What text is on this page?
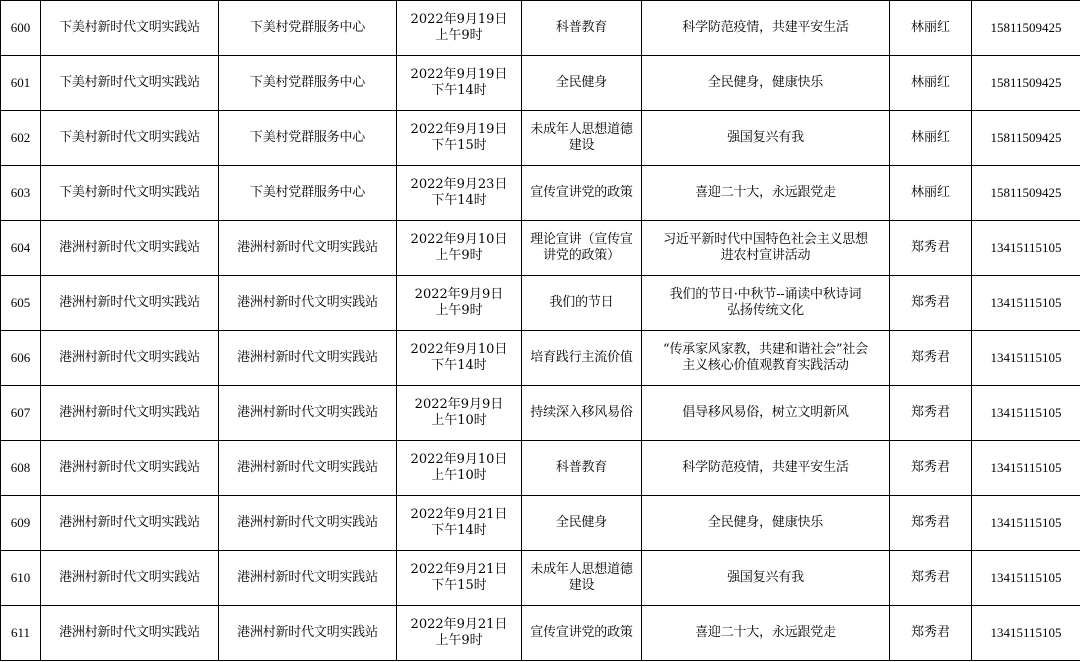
600	下美村新时代文明实践站	下美村党群服务中心	2022年9月19日
上午9时	科普教育	科学防范疫情，共建平安生活	林丽红	15811509425
601	下美村新时代文明实践站	下美村党群服务中心	2022年9月19日
下午14时	全民健身	全民健身，健康快乐	林丽红	15811509425
602	下美村新时代文明实践站	下美村党群服务中心	2022年9月19日
下午15时	未成年人思想道德
建设	强国复兴有我	林丽红	15811509425
603	下美村新时代文明实践站	下美村党群服务中心	2022年9月23日
下午14时	宣传宣讲党的政策	喜迎二十大，永远跟党走	林丽红	15811509425
604	港洲村新时代文明实践站	港洲村新时代文明实践站	2022年9月10日
上午9时	理论宣讲（宣传宣
讲党的政策）	习近平新时代中国特色社会主义思想
进农村宣讲活动	郑秀君	13415115105
605	港洲村新时代文明实践站	港洲村新时代文明实践站	2022年9月9日
上午9时	我们的节日	我们的节日·中秋节--诵读中秋诗词
弘扬传统文化	郑秀君	13415115105
606	港洲村新时代文明实践站	港洲村新时代文明实践站	2022年9月10日
下午14时	培育践行主流价值	“传承家风家教，共建和谐社会”社会
主义核心价值观教育实践活动	郑秀君	13415115105
607	港洲村新时代文明实践站	港洲村新时代文明实践站	2022年9月9日
上午10时	持续深入移风易俗	倡导移风易俗，树立文明新风	郑秀君	13415115105
608	港洲村新时代文明实践站	港洲村新时代文明实践站	2022年9月10日
上午10时	科普教育	科学防范疫情，共建平安生活	郑秀君	13415115105
609	港洲村新时代文明实践站	港洲村新时代文明实践站	2022年9月21日
下午14时	全民健身	全民健身，健康快乐	郑秀君	13415115105
610	港洲村新时代文明实践站	港洲村新时代文明实践站	2022年9月21日
下午15时	未成年人思想道德
建设	强国复兴有我	郑秀君	13415115105
611	港洲村新时代文明实践站	港洲村新时代文明实践站	2022年9月21日
上午9时	宣传宣讲党的政策	喜迎二十大，永远跟党走	郑秀君	13415115105
